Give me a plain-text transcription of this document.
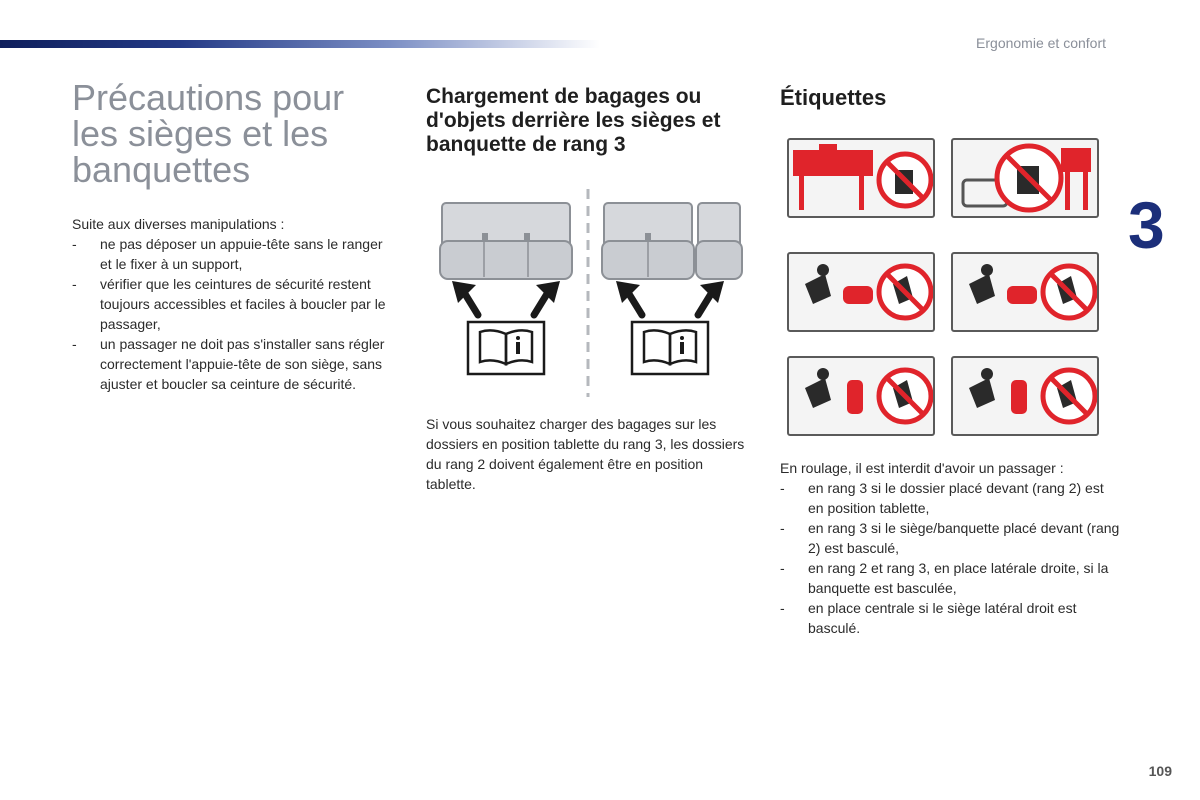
Ergonomie et confort
3
109
Précautions pour les sièges et les banquettes
Suite aux diverses manipulations :
- ne pas déposer un appuie-tête sans le ranger et le fixer à un support,
- vérifier que les ceintures de sécurité restent toujours accessibles et faciles à boucler par le passager,
- un passager ne doit pas s'installer sans régler correctement l'appuie-tête de son siège, sans ajuster et boucler sa ceinture de sécurité.
Chargement de bagages ou d'objets derrière les sièges et banquette de rang 3

Si vous souhaitez charger des bagages sur les dossiers en position tablette du rang 3, les dossiers du rang 2 doivent également être en position tablette.

Étiquettes
En roulage, il est interdit d'avoir un passager :
- en rang 3 si le dossier placé devant (rang 2) est en position tablette,
- en rang 3 si le siège/banquette placé devant (rang 2) est basculé,
- en rang 2 et rang 3, en place latérale droite, si la banquette est basculée,
- en place centrale si le siège latéral droit est basculé.
